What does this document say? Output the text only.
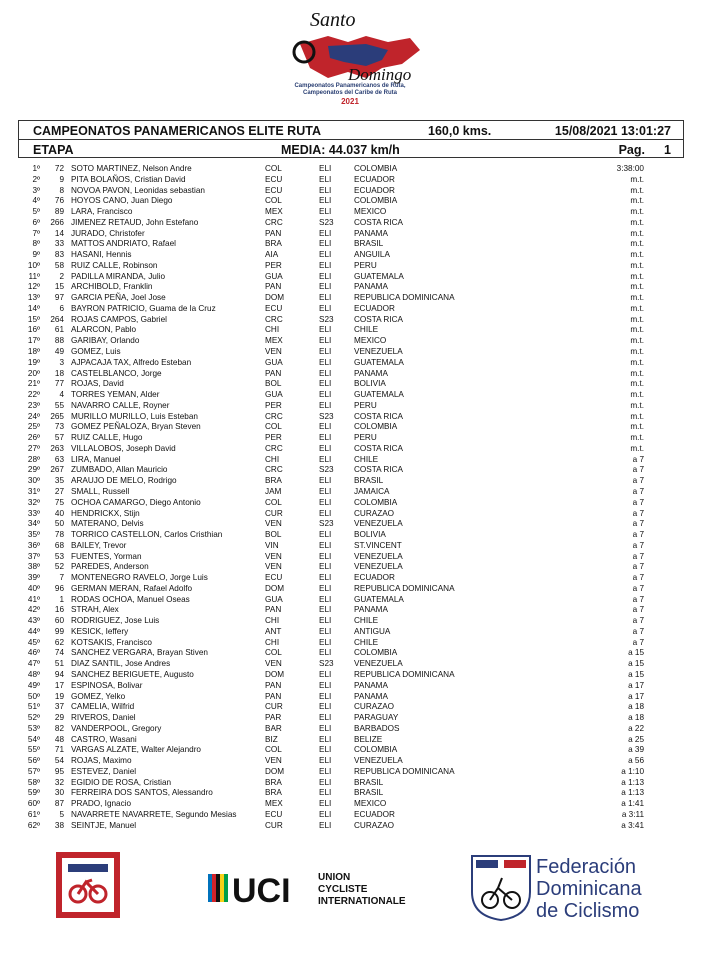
Santo
Domingo
Campeonatos Panamericanos de Ruta,
Campeonatos del Caribe de Ruta
2021
CAMPEONATOS PANAMERICANOS ELITE RUTA	160,0 kms.	15/08/2021 13:01:27
ETAPA	MEDIA: 44.037 km/h	Pag. 1
1º	72 SOTO MARTINEZ, Nelson Andre	COL	ELI	COLOMBIA	3:38:00
2º	9 PITA BOLAÑOS, Cristian David	ECU	ELI	ECUADOR	m.t.
3º	8 NOVOA PAVON, Leonidas sebastian	ECU	ELI	ECUADOR	m.t.
4º	76 HOYOS CANO, Juan Diego	COL	ELI	COLOMBIA	m.t.
5º	89 LARA, Francisco	MEX	ELI	MEXICO	m.t.
6º	266 JIMENEZ RETAUD, John Estefano	CRC	S23 COSTA RICA	m.t.
7º	14 JURADO, Christofer	PAN	ELI	PANAMA	m.t.
8º	33 MATTOS ANDRIATO, Rafael	BRA	ELI	BRASIL	m.t.
9º	83 HASANI, Hennis	AIA	ELI	ANGUILA	m.t.
10º	58 RUIZ CALLE, Robinson	PER	ELI	PERU	m.t.
11º	2 PADILLA MIRANDA, Julio	GUA	ELI	GUATEMALA	m.t.
12º	15 ARCHIBOLD, Franklin	PAN	ELI	PANAMA	m.t.
13º	97 GARCIA PEÑA, Joel Jose	DOM	ELI	REPUBLICA DOMINICANA	m.t.
14º	6 BAYRON PATRICIO, Guama de la Cruz	ECU	ELI	ECUADOR	m.t.
15º	264 ROJAS CAMPOS, Gabriel	CRC	S23 COSTA RICA	m.t.
16º	61 ALARCON, Pablo	CHI	ELI	CHILE	m.t.
17º	88 GARIBAY, Orlando	MEX	ELI	MEXICO	m.t.
18º	49 GOMEZ, Luis	VEN	ELI	VENEZUELA	m.t.
19º	3 AJPACAJA TAX, Alfredo Esteban	GUA	ELI	GUATEMALA	m.t.
20º	18 CASTELBLANCO, Jorge	PAN	ELI	PANAMA	m.t.
21º	77 ROJAS, David	BOL	ELI	BOLIVIA	m.t.
22º	4 TORRES YEMAN, Alder	GUA	ELI	GUATEMALA	m.t.
23º	55 NAVARRO CALLE, Royner	PER	ELI	PERU	m.t.
24º	265 MURILLO MURILLO, Luis Esteban	CRC	S23 COSTA RICA	m.t.
25º	73 GOMEZ PEÑALOZA, Bryan Steven	COL	ELI	COLOMBIA	m.t.
26º	57 RUIZ CALLE, Hugo	PER	ELI	PERU	m.t.
27º	263 VILLALOBOS, Joseph David	CRC	ELI	COSTA RICA	m.t.
28º	63 LIRA, Manuel	CHI	ELI	CHILE	a 7
29º	267 ZUMBADO, Allan Mauricio	CRC	S23 COSTA RICA	a 7
30º	35 ARAUJO DE MELO, Rodrigo	BRA	ELI	BRASIL	a 7
31º	27 SMALL, Russell	JAM	ELI	JAMAICA	a 7
32º	75 OCHOA CAMARGO, Diego Antonio	COL	ELI	COLOMBIA	a 7
33º	40 HENDRICKX, Stijn	CUR	ELI	CURAZAO	a 7
34º	50 MATERANO, Delvis	VEN	S23 VENEZUELA	a 7
35º	78 TORRICO CASTELLON, Carlos Cristhian	BOL	ELI	BOLIVIA	a 7
36º	68 BAILEY, Trevor	VIN	ELI	ST.VINCENT	a 7
37º	53 FUENTES, Yorman	VEN	ELI	VENEZUELA	a 7
38º	52 PAREDES, Anderson	VEN	ELI	VENEZUELA	a 7
39º	7 MONTENEGRO RAVELO, Jorge Luis	ECU	ELI	ECUADOR	a 7
40º	96 GERMAN MERAN, Rafael Adolfo	DOM	ELI	REPUBLICA DOMINICANA	a 7
41º	1 RODAS OCHOA, Manuel Oseas	GUA	ELI	GUATEMALA	a 7
42º	16 STRAH, Alex	PAN	ELI	PANAMA	a 7
43º	60 RODRIGUEZ, Jose Luis	CHI	ELI	CHILE	a 7
44º	99 KESICK, Ieffery	ANT	ELI	ANTIGUA	a 7
45º	62 KOTSAKIS, Francisco	CHI	ELI	CHILE	a 7
46º	74 SANCHEZ VERGARA, Brayan Stiven	COL	ELI	COLOMBIA	a 15
47º	51 DIAZ SANTIL, Jose Andres	VEN	S23 VENEZUELA	a 15
48º	94 SANCHEZ BERIGUETE, Augusto	DOM	ELI	REPUBLICA DOMINICANA	a 15
49º	17 ESPINOSA, Bolivar	PAN	ELI	PANAMA	a 17
50º	19 GOMEZ, Yelko	PAN	ELI	PANAMA	a 17
51º	37 CAMELIA, Wilfrid	CUR	ELI	CURAZAO	a 18
52º	29 RIVEROS, Daniel	PAR	ELI	PARAGUAY	a 18
53º	82 VANDERPOOL, Gregory	BAR	ELI	BARBADOS	a 22
54º	48 CASTRO, Wasani	BIZ	ELI	BELIZE	a 25
55º	71 VARGAS ALZATE, Walter Alejandro	COL	ELI	COLOMBIA	a 39
56º	54 ROJAS, Maximo	VEN	ELI	VENEZUELA	a 56
57º	95 ESTEVEZ, Daniel	DOM	ELI	REPUBLICA DOMINICANA	a 1:10
58º	32 EGIDIO DE ROSA, Cristian	BRA	ELI	BRASIL	a 1:13
59º	30 FERREIRA DOS SANTOS, Alessandro	BRA	ELI	BRASIL	a 1:13
60º	87 PRADO, Ignacio	MEX	ELI	MEXICO	a 1:41
61º	5 NAVARRETE NAVARRETE, Segundo Mesias	ECU	ELI	ECUADOR	a 3:11
62º	38 SEINTJE, Manuel	CUR	ELI	CURAZAO	a 3:41
UCI	UNION
CYCLISTE
INTERNATIONALE
Federación
Dominicana
de Ciclismo
